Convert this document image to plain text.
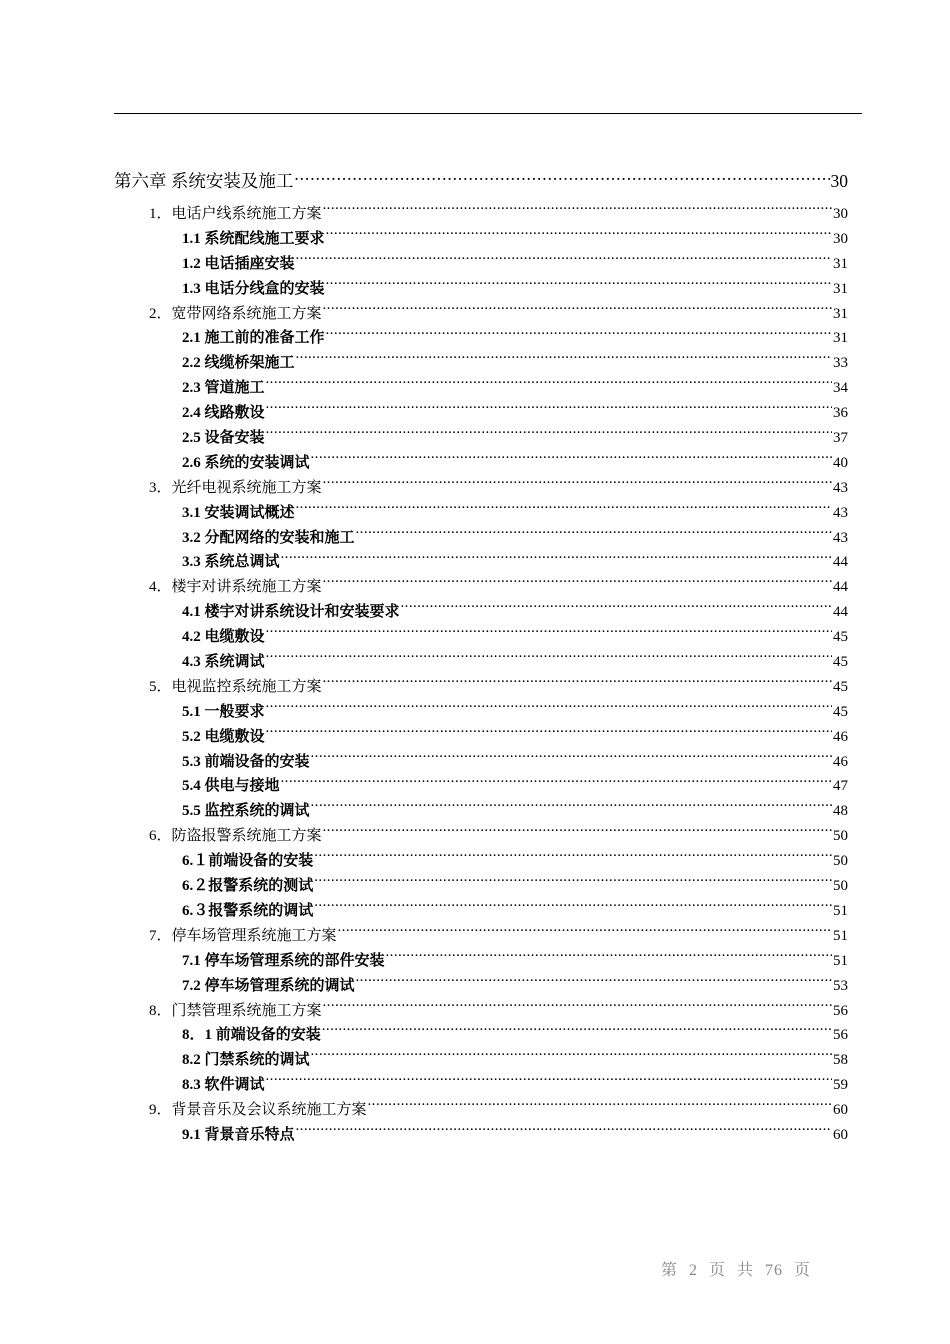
第六章 系统安装及施工 .....	30
1．电话户线系统施工方案 .....	30
1.1 系统配线施工要求 .....	30
1.2 电话插座安装 .....	31
1.3 电话分线盒的安装 .....	31
2．宽带网络系统施工方案 .....	31
2.1 施工前的准备工作 .....	31
2.2 线缆桥架施工 .....	33
2.3 管道施工 .....	34
2.4 线路敷设 .....	36
2.5 设备安装 .....	37
2.6 系统的安装调试 .....	40
3．光纤电视系统施工方案 .....	43
3.1 安装调试概述 .....	43
3.2 分配网络的安装和施工 .....	43
3.3 系统总调试 .....	44
4．楼宇对讲系统施工方案 .....	44
4.1 楼宇对讲系统设计和安装要求 .....	44
4.2 电缆敷设 .....	45
4.3 系统调试 .....	45
5．电视监控系统施工方案 .....	45
5.1 一般要求 .....	45
5.2 电缆敷设 .....	46
5.3 前端设备的安装 .....	46
5.4 供电与接地 .....	47
5.5 监控系统的调试 .....	48
6．防盗报警系统施工方案 .....	50
6.１前端设备的安装 .....	50
6.２报警系统的测试 .....	50
6.３报警系统的调试 .....	51
7．停车场管理系统施工方案 .....	51
7.1 停车场管理系统的部件安装 .....	51
7.2 停车场管理系统的调试 .....	53
8．门禁管理系统施工方案 .....	56
8．1 前端设备的安装 .....	56
8.2 门禁系统的调试 .....	58
8.3 软件调试 .....	59
9．背景音乐及会议系统施工方案 .....	60
9.1 背景音乐特点 .....	60
第 2 页 共 76 页
